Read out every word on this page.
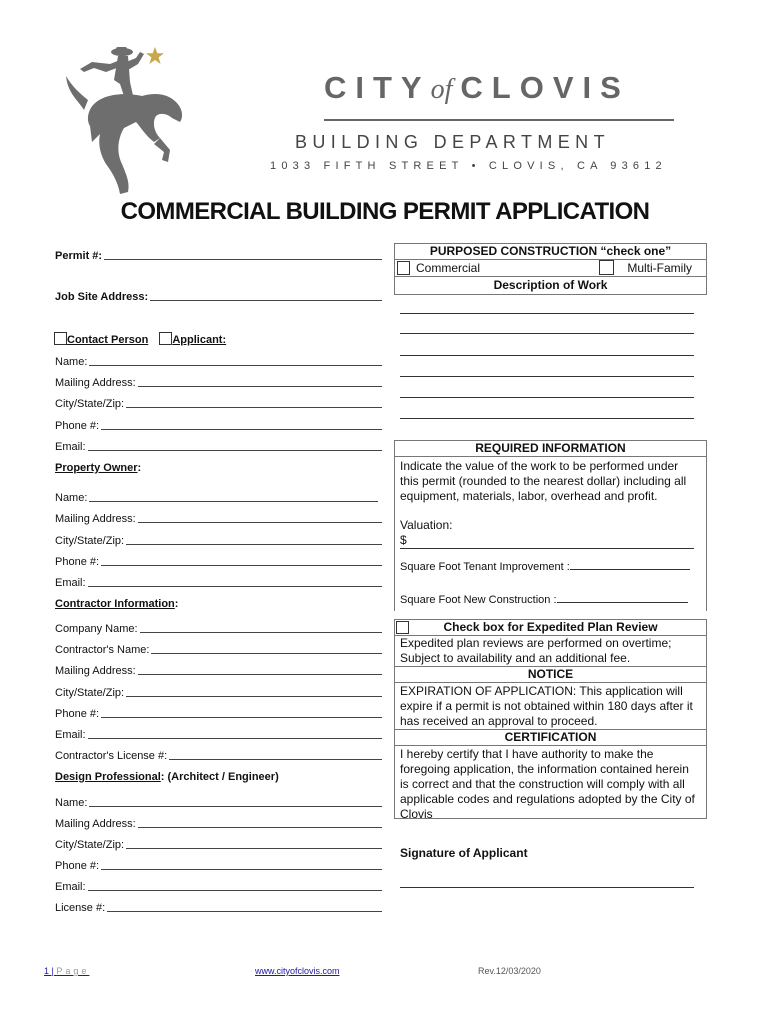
CITYof CLOVIS
BUILDING DEPARTMENT
1033 FIFTH STREET • CLOVIS, CA 93612
COMMERCIAL BUILDING PERMIT APPLICATION
Permit #:
Job Site Address:
Contact Person Applicant:
Name:
Mailing Address:
City/State/Zip:
Phone #:
Email:
Property Owner:
Name:
Mailing Address:
City/State/Zip:
Phone #:
Email:
Contractor Information:
Company Name:
Contractor's Name:
Mailing Address:
City/State/Zip:
Phone #:
Email:
Contractor's License #:
Design Professional: (Architect / Engineer)
Name:
Mailing Address:
City/State/Zip:
Phone #:
Email:
License #:
PURPOSED CONSTRUCTION “check one”
Commercial	Multi-Family
Description of Work
REQUIRED INFORMATION
Indicate the value of the work to be performed under this permit (rounded to the nearest dollar) including all equipment, materials, labor, overhead and profit.
Valuation:
$
Square Foot Tenant Improvement :
Square Foot New Construction :
Check box for Expedited Plan Review
Expedited plan reviews are performed on overtime; Subject to availability and an additional fee.
NOTICE
EXPIRATION OF APPLICATION: This application will expire if a permit is not obtained within 180 days after it has received an approval to proceed.
CERTIFICATION
I hereby certify that I have authority to make the foregoing application, the information contained herein is correct and that the construction will comply with all applicable codes and regulations adopted by the City of Clovis
Signature of Applicant
1 | Page	www.cityofclovis.com	Rev.12/03/2020
